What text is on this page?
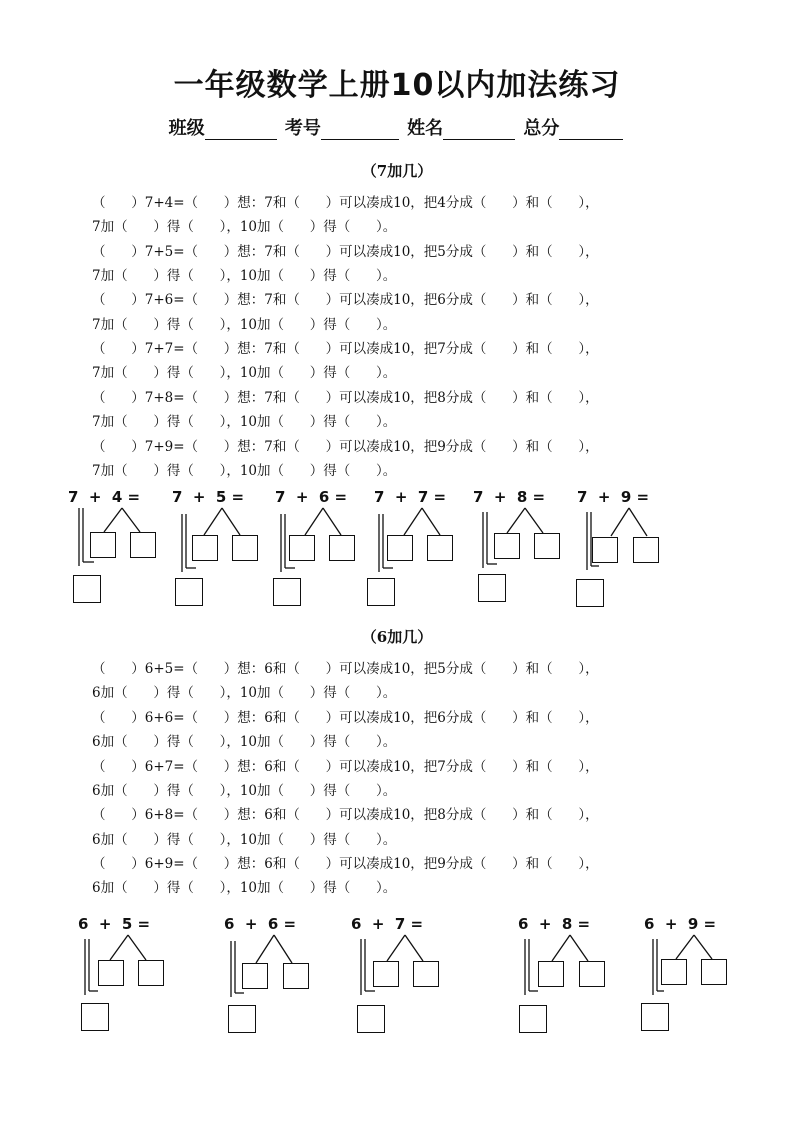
一年级数学上册10以内加法练习
班级	考号	姓名	总分
（7加几）
（      ）7+4=（      ）想：7和（      ）可以凑成10，把4分成（      ）和（      ），
7加（      ）得（      ），10加（      ）得（      ）。
（      ）7+5=（      ）想：7和（      ）可以凑成10，把5分成（      ）和（      ），
7加（      ）得（      ），10加（      ）得（      ）。
（      ）7+6=（      ）想：7和（      ）可以凑成10，把6分成（      ）和（      ），
7加（      ）得（      ），10加（      ）得（      ）。
（      ）7+7=（      ）想：7和（      ）可以凑成10，把7分成（      ）和（      ），
7加（      ）得（      ），10加（      ）得（      ）。
（      ）7+8=（      ）想：7和（      ）可以凑成10，把8分成（      ）和（      ），
7加（      ）得（      ），10加（      ）得（      ）。
（      ）7+9=（      ）想：7和（      ）可以凑成10，把9分成（      ）和（      ），
7加（      ）得（      ），10加（      ）得（      ）。
7  +  4 = 7  +  5 = 7  +  6 = 7  +  7 = 7  +  8 = 7  +  9 =
（6加几）
（      ）6+5=（      ）想：6和（      ）可以凑成10，把5分成（      ）和（      ），
6加（      ）得（      ），10加（      ）得（      ）。
（      ）6+6=（      ）想：6和（      ）可以凑成10，把6分成（      ）和（      ），
6加（      ）得（      ），10加（      ）得（      ）。
（      ）6+7=（      ）想：6和（      ）可以凑成10，把7分成（      ）和（      ），
6加（      ）得（      ），10加（      ）得（      ）。
（      ）6+8=（      ）想：6和（      ）可以凑成10，把8分成（      ）和（      ），
6加（      ）得（      ），10加（      ）得（      ）。
（      ）6+9=（      ）想：6和（      ）可以凑成10，把9分成（      ）和（      ），
6加（      ）得（      ），10加（      ）得（      ）。
6  +  5 =	6  +  6 =	6  +  7 =	6  +  8 =	6  +  9 =
